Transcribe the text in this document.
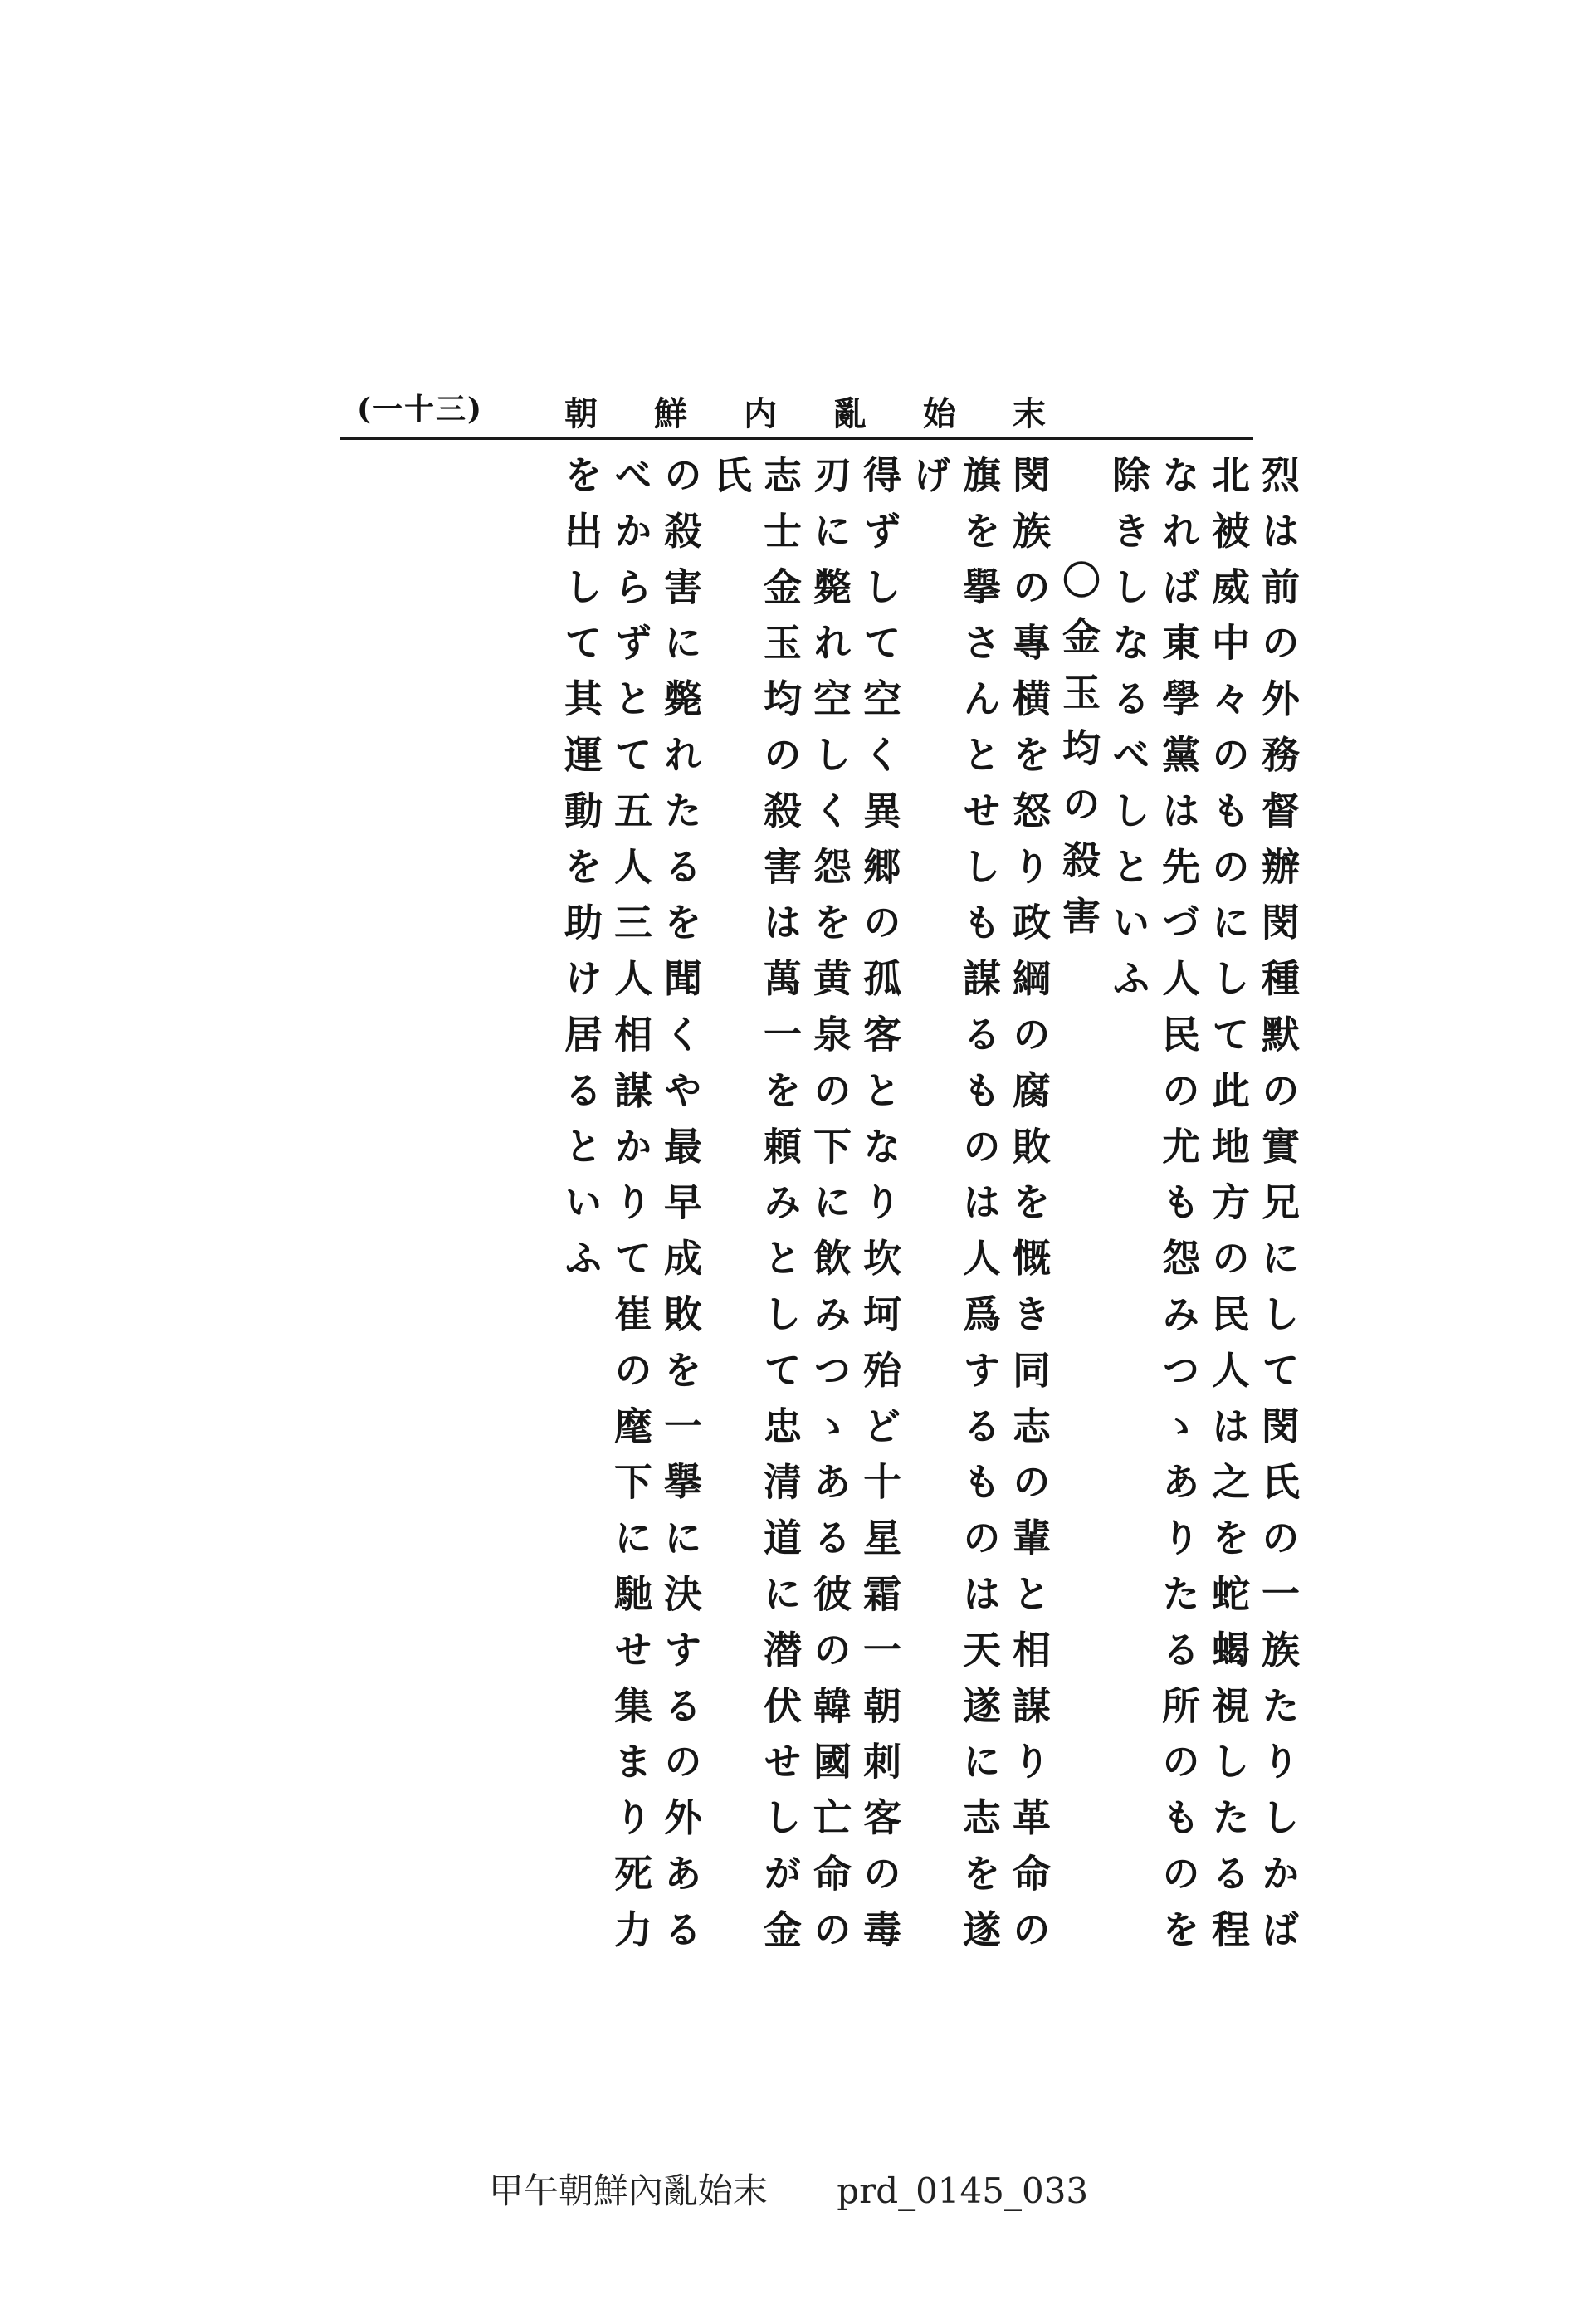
朝 鮮 内 亂 始 末
(一十三)
烈は前の外務督辦閔種默の實兄にして閔氏の一族たりしかば
北被威中々のものにして此地方の民人は之を蛇蝎視したる程
なれば東學黨は先づ人民の尤も怨みつゝありたる所のものを
除きしなるべしといふ
〇金玉均の殺害
閔族の專横を怒り政綱の腐敗を慨き同志の輩と相謀り革命の
旗を擧さんとせしも謀るものは人爲するものは天遂に志を遂げ
得ずして空く異郷の孤客となり坎坷殆ど十星霜一朝刺客の毒
刃に斃れ空しく怨を黄泉の下に飲みつゝある彼の韓國亡命の
志士金玉均の殺害は萬一を頼みとして忠清道に潜伏せしが金氏
の殺害に斃れたるを聞くや最早成敗を一擧に決するの外ある
べからずとて五人三人相謀かりて崔の麾下に馳せ集まり死力
を出して其運動を助け居るといふ
甲午朝鮮內亂始末 prd_0145_033
